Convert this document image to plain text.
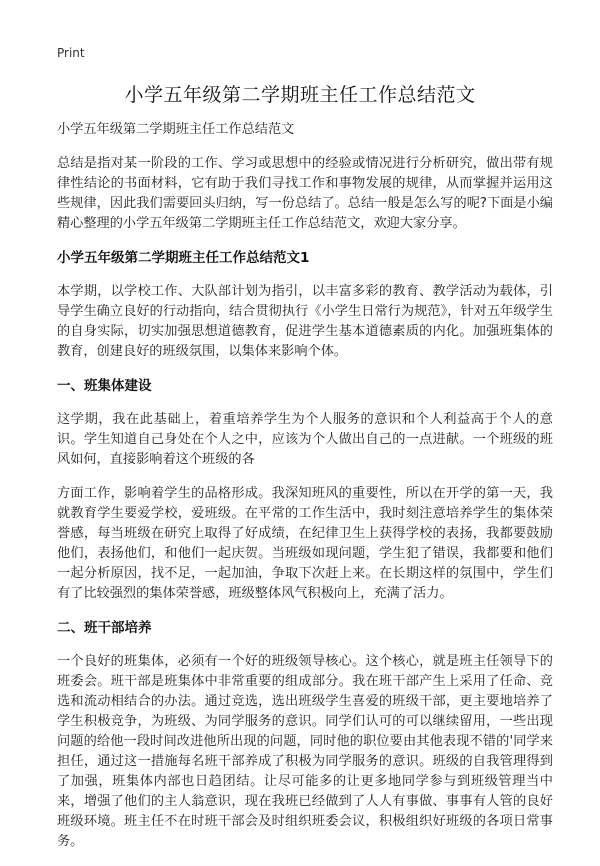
Print
小学五年级第二学期班主任工作总结范文
小学五年级第二学期班主任工作总结范文
总结是指对某一阶段的工作、学习或思想中的经验或情况进行分析研究，做出带有规律性结论的书面材料，它有助于我们寻找工作和事物发展的规律，从而掌握并运用这些规律，因此我们需要回头归纳，写一份总结了。总结一般是怎么写的呢?下面是小编精心整理的小学五年级第二学期班主任工作总结范文，欢迎大家分享。
小学五年级第二学期班主任工作总结范文1
本学期，以学校工作、大队部计划为指引，以丰富多彩的教育、教学活动为载体，引导学生确立良好的行动指向，结合贯彻执行《小学生日常行为规范》，针对五年级学生的自身实际，切实加强思想道德教育，促进学生基本道德素质的内化。加强班集体的教育，创建良好的班级氛围，以集体来影响个体。
一、班集体建设
这学期，我在此基础上，着重培养学生为个人服务的意识和个人利益高于个人的意识。学生知道自己身处在个人之中，应该为个人做出自己的一点进献。一个班级的班风如何，直接影响着这个班级的各
方面工作，影响着学生的品格形成。我深知班风的重要性，所以在开学的第一天，我就教育学生要爱学校，爱班级。在平常的工作生活中，我时刻注意培养学生的集体荣誉感，每当班级在研究上取得了好成绩，在纪律卫生上获得学校的表扬，我都要鼓励他们，表扬他们，和他们一起庆贺。当班级如现问题，学生犯了错误，我都要和他们一起分析原因，找不足，一起加油，争取下次赶上来。在长期这样的氛围中，学生们有了比较强烈的集体荣誉感，班级整体风气积极向上，充满了活力。
二、班干部培养
一个良好的班集体，必须有一个好的班级领导核心。这个核心，就是班主任领导下的班委会。班干部是班集体中非常重要的组成部分。我在班干部产生上采用了任命、竞选和流动相结合的办法。通过竞选，选出班级学生喜爱的班级干部，更主要地培养了学生积极竞争，为班级、为同学服务的意识。同学们认可的可以继续留用，一些出现问题的给他一段时间改进他所出现的问题，同时他的职位要由其他表现不错的'同学来担任，通过这一措施每名班干部养成了积极为同学服务的意识。班级的自我管理得到了加强，班集体内部也日趋团结。让尽可能多的让更多地同学参与到班级管理当中来，增强了他们的主人翁意识，现在我班已经做到了人人有事做、事事有人管的良好班级环境。班主任不在时班干部会及时组织班委会议，积极组织好班级的各项日常事务。
